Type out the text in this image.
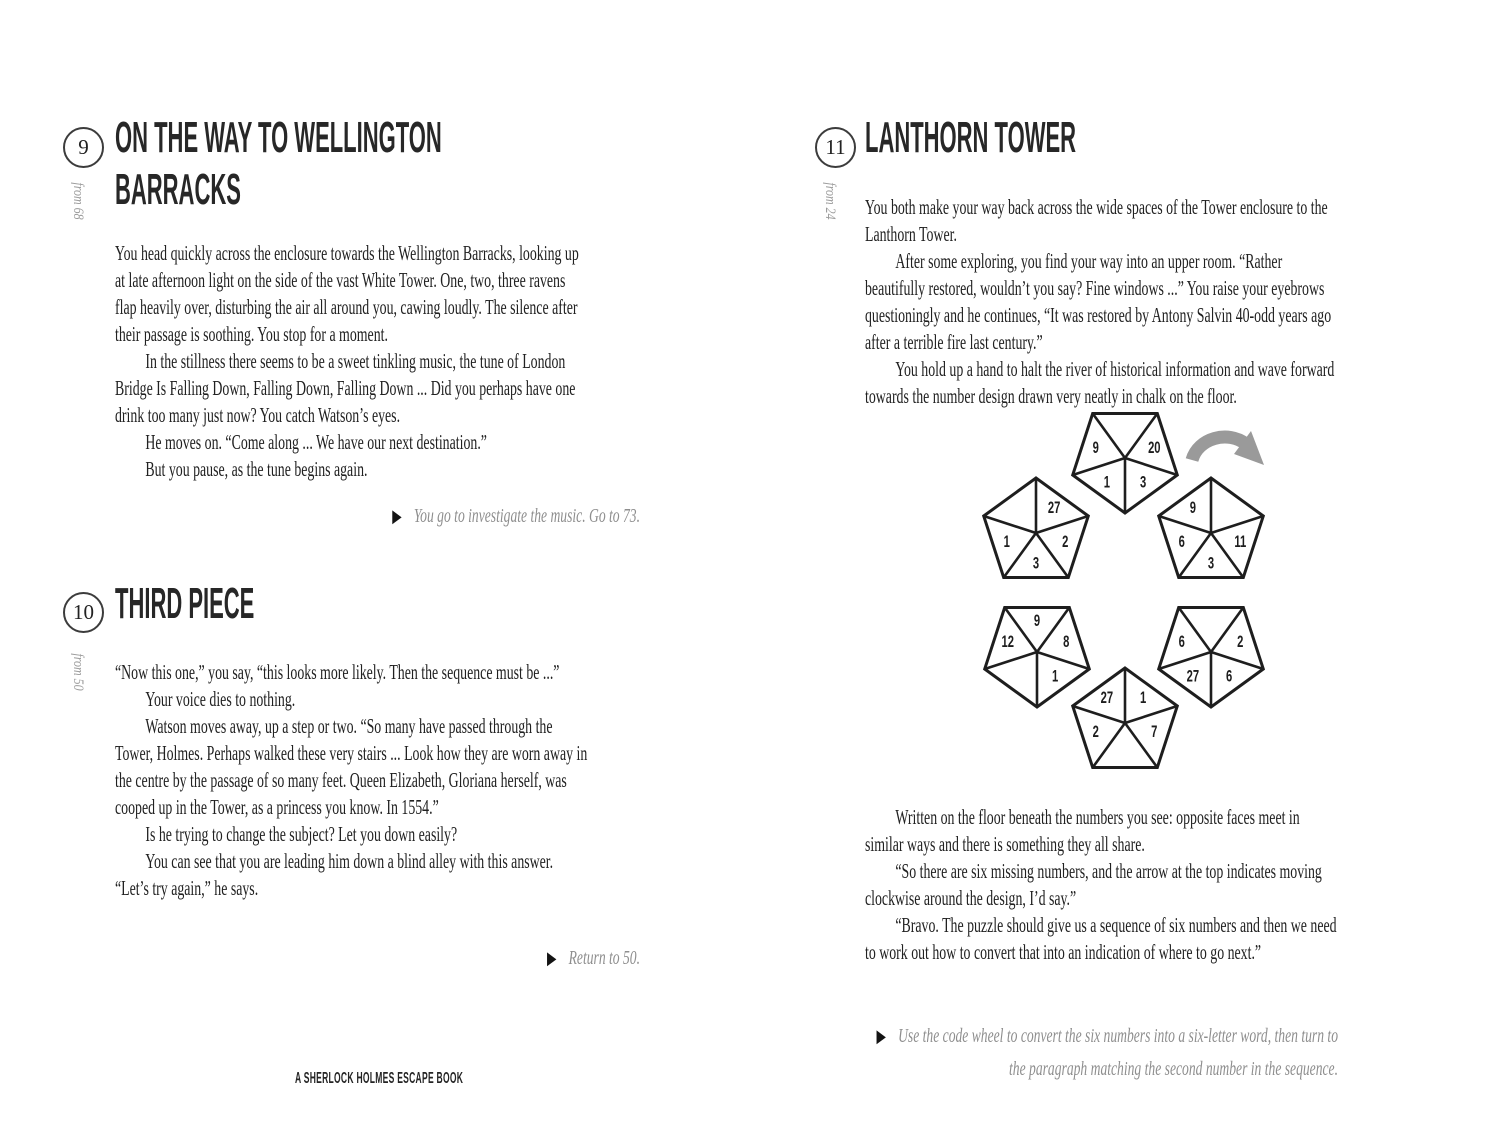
9
from 68
ON THE WAY TO WELLINGTON BARRACKS

You head quickly across the enclosure towards the Wellington Barracks, looking up at late afternoon light on the side of the vast White Tower. One, two, three ravens flap heavily over, disturbing the air all around you, cawing loudly. The silence after their passage is soothing. You stop for a moment.

In the stillness there seems to be a sweet tinkling music, the tune of London Bridge Is Falling Down, Falling Down, Falling Down ... Did you perhaps have one drink too many just now? You catch Watson’s eyes.

He moves on. “Come along ... We have our next destination.”

But you pause, as the tune begins again.

▶ You go to investigate the music. Go to 73.
10
from 50
THIRD PIECE

“Now this one,” you say, “this looks more likely. Then the sequence must be ...”

Your voice dies to nothing.

Watson moves away, up a step or two. “So many have passed through the Tower, Holmes. Perhaps walked these very stairs ... Look how they are worn away in the centre by the passage of so many feet. Queen Elizabeth, Gloriana herself, was cooped up in the Tower, as a princess you know. In 1554.”

Is he trying to change the subject? Let you down easily?

You can see that you are leading him down a blind alley with this answer. “Let’s try again,” he says.

▶ Return to 50.
A SHERLOCK HOLMES ESCAPE BOOK
11
from 24
LANTHORN TOWER

You both make your way back across the wide spaces of the Tower enclosure to the Lanthorn Tower.

After some exploring, you find your way into an upper room. “Rather beautifully restored, wouldn’t you say? Fine windows ...” You raise your eyebrows questioningly and he continues, “It was restored by Antony Salvin 40-odd years ago after a terrible fire last century.”

You hold up a hand to halt the river of historical information and wave forward towards the number design drawn very neatly in chalk on the floor.

9	20
1 3
27
1	2
3
9
6	11
3
9
12	8
1
6	2
27 6
27 1
2	7

Written on the floor beneath the numbers you see: opposite faces meet in similar ways and there is something they all share.

“So there are six missing numbers, and the arrow at the top indicates moving clockwise around the design, I’d say.”

“Bravo. The puzzle should give us a sequence of six numbers and then we need to work out how to convert that into an indication of where to go next.”

▶ Use the code wheel to convert the six numbers into a six-letter word, then turn to the paragraph matching the second number in the sequence.
